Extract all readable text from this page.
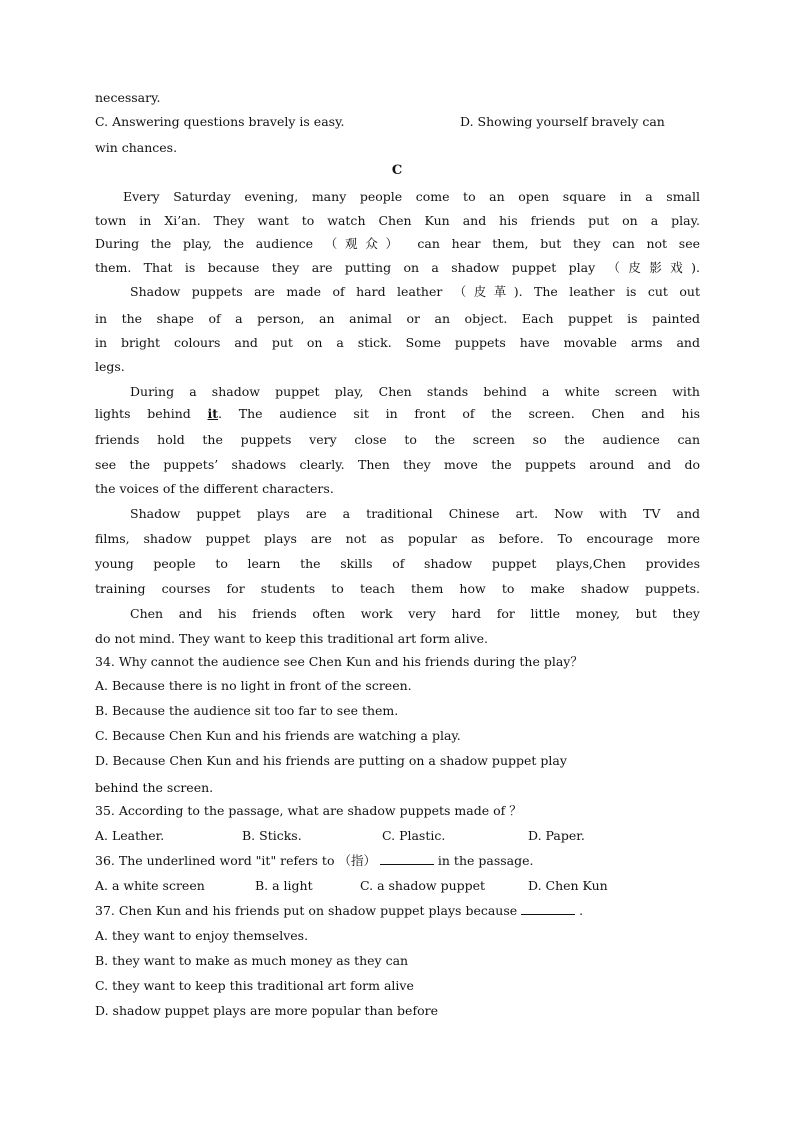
necessary.
C. Answering questions bravely is easy.	D. Showing yourself bravely can
win chances.
C
Every Saturday evening, many people come to an open square in a small
town in Xi’an. They want to watch Chen Kun and his friends put on a play.
During the play, the audience （观众） can hear them, but they can not see
them. That is because they are putting on a shadow puppet play （皮影戏).
Shadow puppets are made of hard leather （皮革). The leather is cut out
in the shape of a person, an animal or an object. Each puppet is painted
in bright colours and put on a stick. Some puppets have movable arms and
legs.
During a shadow puppet play, Chen stands behind a white screen with
lights behind it. The audience sit in front of the screen. Chen and his
friends hold the puppets very close to the screen so the audience can
see the puppets’ shadows clearly. Then they move the puppets around and do
the voices of the different characters.
Shadow puppet plays are a traditional Chinese art. Now with TV and
films, shadow puppet plays are not as popular as before. To encourage more
young people to learn the skills of shadow puppet plays,Chen provides
training courses for students to teach them how to make shadow puppets.
Chen and his friends often work very hard for little money, but they
do not mind. They want to keep this traditional art form alive.
34. Why cannot the audience see Chen Kun and his friends during the play？
A. Because there is no light in front of the screen.
B. Because the audience sit too far to see them.
C. Because Chen Kun and his friends are watching a play.
D. Because Chen Kun and his friends are putting on a shadow puppet play
behind the screen.
35. According to the passage, what are shadow puppets made of ？
A. Leather.	B. Sticks.	C. Plastic.	D. Paper.
36. The underlined word "it" refers to （指）	in the passage.
A. a white screen	B. a light	C. a shadow puppet	D. Chen Kun
37. Chen Kun and his friends put on shadow puppet plays because	.
A. they want to enjoy themselves.
B. they want to make as much money as they can
C. they want to keep this traditional art form alive
D. shadow puppet plays are more popular than before
